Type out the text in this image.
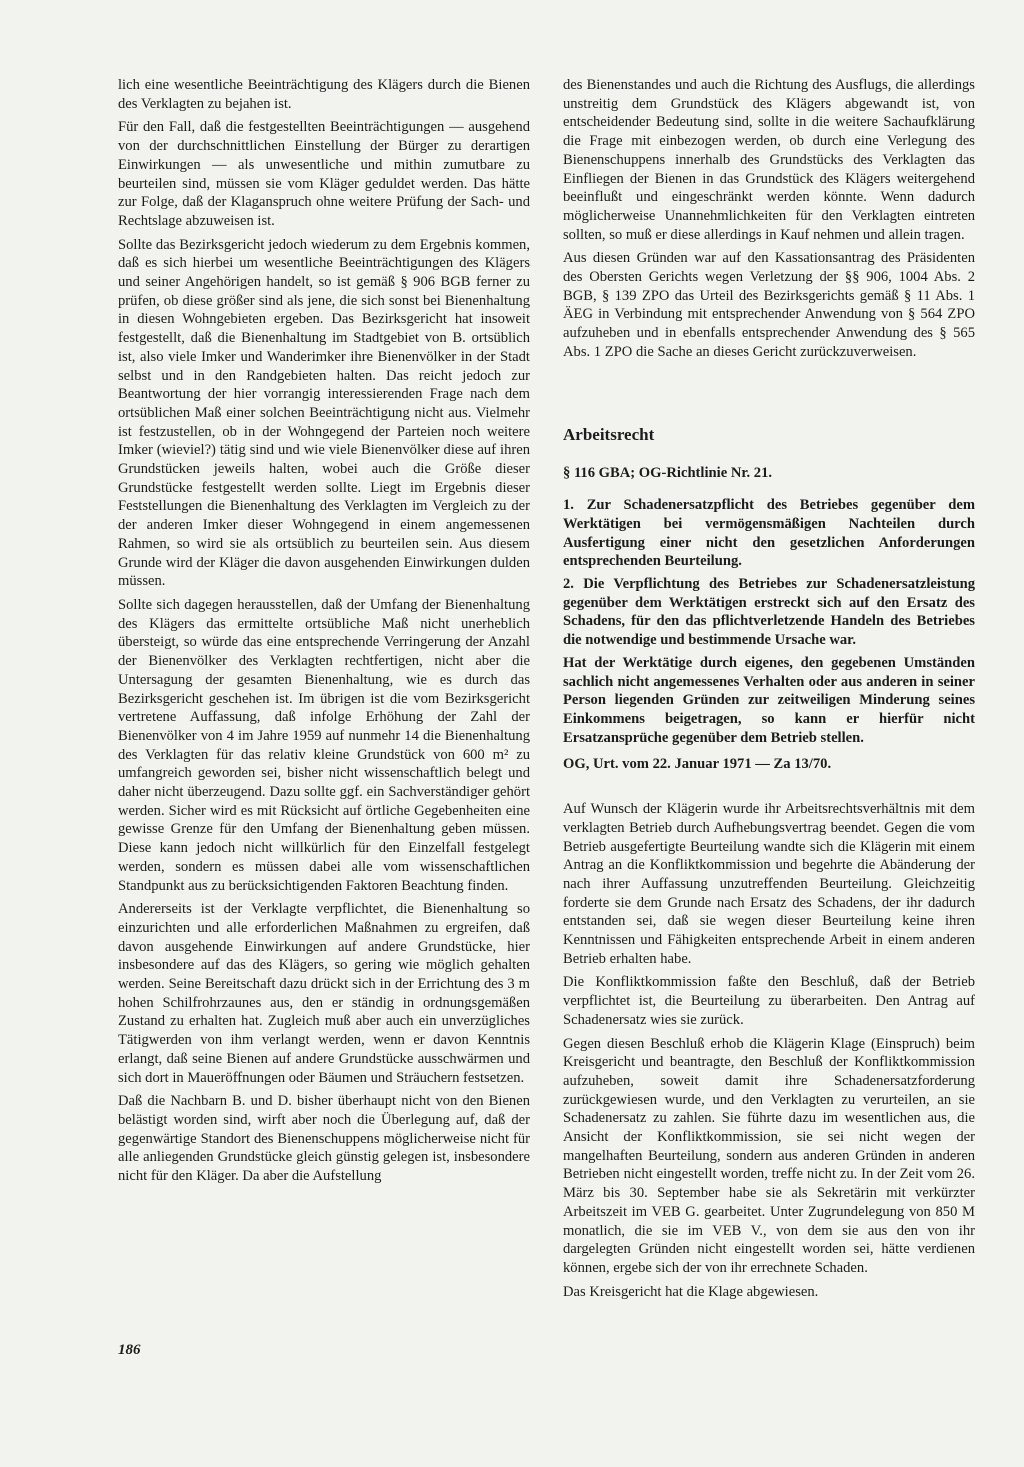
lich eine wesentliche Beeinträchtigung des Klägers durch die Bienen des Verklagten zu bejahen ist.

Für den Fall, daß die festgestellten Beeinträchtigungen — ausgehend von der durchschnittlichen Einstellung der Bürger zu derartigen Einwirkungen — als unwesentliche und mithin zumutbare zu beurteilen sind, müssen sie vom Kläger geduldet werden. Das hätte zur Folge, daß der Klaganspruch ohne weitere Prüfung der Sach- und Rechtslage abzuweisen ist.

Sollte das Bezirksgericht jedoch wiederum zu dem Ergebnis kommen, daß es sich hierbei um wesentliche Beeinträchtigungen des Klägers und seiner Angehörigen handelt, so ist gemäß § 906 BGB ferner zu prüfen, ob diese größer sind als jene, die sich sonst bei Bienenhaltung in diesen Wohngebieten ergeben. Das Bezirksgericht hat insoweit festgestellt, daß die Bienenhaltung im Stadtgebiet von B. ortsüblich ist, also viele Imker und Wanderimker ihre Bienenvölker in der Stadt selbst und in den Randgebieten halten. Das reicht jedoch zur Beantwortung der hier vorrangig interessierenden Frage nach dem ortsüblichen Maß einer solchen Beeinträchtigung nicht aus. Vielmehr ist festzustellen, ob in der Wohngegend der Parteien noch weitere Imker (wieviel?) tätig sind und wie viele Bienenvölker diese auf ihren Grundstücken jeweils halten, wobei auch die Größe dieser Grundstücke festgestellt werden sollte. Liegt im Ergebnis dieser Feststellungen die Bienenhaltung des Verklagten im Vergleich zu der der anderen Imker dieser Wohngegend in einem angemessenen Rahmen, so wird sie als ortsüblich zu beurteilen sein. Aus diesem Grunde wird der Kläger die davon ausgehenden Einwirkungen dulden müssen.

Sollte sich dagegen herausstellen, daß der Umfang der Bienenhaltung des Klägers das ermittelte ortsübliche Maß nicht unerheblich übersteigt, so würde das eine entsprechende Verringerung der Anzahl der Bienenvölker des Verklagten rechtfertigen, nicht aber die Untersagung der gesamten Bienenhaltung, wie es durch das Bezirksgericht geschehen ist. Im übrigen ist die vom Bezirksgericht vertretene Auffassung, daß infolge Erhöhung der Zahl der Bienenvölker von 4 im Jahre 1959 auf nunmehr 14 die Bienenhaltung des Verklagten für das relativ kleine Grundstück von 600 m² zu umfangreich geworden sei, bisher nicht wissenschaftlich belegt und daher nicht überzeugend. Dazu sollte ggf. ein Sachverständiger gehört werden. Sicher wird es mit Rücksicht auf örtliche Gegebenheiten eine gewisse Grenze für den Umfang der Bienenhaltung geben müssen. Diese kann jedoch nicht willkürlich für den Einzelfall festgelegt werden, sondern es müssen dabei alle vom wissenschaftlichen Standpunkt aus zu berücksichtigenden Faktoren Beachtung finden.

Andererseits ist der Verklagte verpflichtet, die Bienenhaltung so einzurichten und alle erforderlichen Maßnahmen zu ergreifen, daß davon ausgehende Einwirkungen auf andere Grundstücke, hier insbesondere auf das des Klägers, so gering wie möglich gehalten werden. Seine Bereitschaft dazu drückt sich in der Errichtung des 3 m hohen Schilfrohrzaunes aus, den er ständig in ordnungsgemäßen Zustand zu erhalten hat. Zugleich muß aber auch ein unverzügliches Tätigwerden von ihm verlangt werden, wenn er davon Kenntnis erlangt, daß seine Bienen auf andere Grundstücke ausschwärmen und sich dort in Maueröffnungen oder Bäumen und Sträuchern festsetzen.

Daß die Nachbarn B. und D. bisher überhaupt nicht von den Bienen belästigt worden sind, wirft aber noch die Überlegung auf, daß der gegenwärtige Standort des Bienenschuppens möglicherweise nicht für alle anliegenden Grundstücke gleich günstig gelegen ist, insbesondere nicht für den Kläger. Da aber die Aufstellung

des Bienenstandes und auch die Richtung des Ausflugs, die allerdings unstreitig dem Grundstück des Klägers abgewandt ist, von entscheidender Bedeutung sind, sollte in die weitere Sachaufklärung die Frage mit einbezogen werden, ob durch eine Verlegung des Bienenschuppens innerhalb des Grundstücks des Verklagten das Einfliegen der Bienen in das Grundstück des Klägers weitergehend beeinflußt und eingeschränkt werden könnte. Wenn dadurch möglicherweise Unannehmlichkeiten für den Verklagten eintreten sollten, so muß er diese allerdings in Kauf nehmen und allein tragen.

Aus diesen Gründen war auf den Kassationsantrag des Präsidenten des Obersten Gerichts wegen Verletzung der §§ 906, 1004 Abs. 2 BGB, § 139 ZPO das Urteil des Bezirksgerichts gemäß § 11 Abs. 1 ÄEG in Verbindung mit entsprechender Anwendung von § 564 ZPO aufzuheben und in ebenfalls entsprechender Anwendung des § 565 Abs. 1 ZPO die Sache an dieses Gericht zurückzuverweisen.

Arbeitsrecht

§ 116 GBA; OG-Richtlinie Nr. 21.

1. Zur Schadenersatzpflicht des Betriebes gegenüber dem Werktätigen bei vermögensmäßigen Nachteilen durch Ausfertigung einer nicht den gesetzlichen Anforderungen entsprechenden Beurteilung.

2. Die Verpflichtung des Betriebes zur Schadenersatzleistung gegenüber dem Werktätigen erstreckt sich auf den Ersatz des Schadens, für den das pflichtverletzende Handeln des Betriebes die notwendige und bestimmende Ursache war.

Hat der Werktätige durch eigenes, den gegebenen Umständen sachlich nicht angemessenes Verhalten oder aus anderen in seiner Person liegenden Gründen zur zeitweiligen Minderung seines Einkommens beigetragen, so kann er hierfür nicht Ersatzansprüche gegenüber dem Betrieb stellen.

OG, Urt. vom 22. Januar 1971 — Za 13/70.

Auf Wunsch der Klägerin wurde ihr Arbeitsrechtsverhältnis mit dem verklagten Betrieb durch Aufhebungsvertrag beendet. Gegen die vom Betrieb ausgefertigte Beurteilung wandte sich die Klägerin mit einem Antrag an die Konfliktkommission und begehrte die Abänderung der nach ihrer Auffassung unzutreffenden Beurteilung. Gleichzeitig forderte sie dem Grunde nach Ersatz des Schadens, der ihr dadurch entstanden sei, daß sie wegen dieser Beurteilung keine ihren Kenntnissen und Fähigkeiten entsprechende Arbeit in einem anderen Betrieb erhalten habe.

Die Konfliktkommission faßte den Beschluß, daß der Betrieb verpflichtet ist, die Beurteilung zu überarbeiten. Den Antrag auf Schadenersatz wies sie zurück.

Gegen diesen Beschluß erhob die Klägerin Klage (Einspruch) beim Kreisgericht und beantragte, den Beschluß der Konfliktkommission aufzuheben, soweit damit ihre Schadenersatzforderung zurückgewiesen wurde, und den Verklagten zu verurteilen, an sie Schadenersatz zu zahlen. Sie führte dazu im wesentlichen aus, die Ansicht der Konfliktkommission, sie sei nicht wegen der mangelhaften Beurteilung, sondern aus anderen Gründen in anderen Betrieben nicht eingestellt worden, treffe nicht zu. In der Zeit vom 26. März bis 30. September habe sie als Sekretärin mit verkürzter Arbeitszeit im VEB G. gearbeitet. Unter Zugrundelegung von 850 M monatlich, die sie im VEB V., von dem sie aus den von ihr dargelegten Gründen nicht eingestellt worden sei, hätte verdienen können, ergebe sich der von ihr errechnete Schaden.

Das Kreisgericht hat die Klage abgewiesen.

186
